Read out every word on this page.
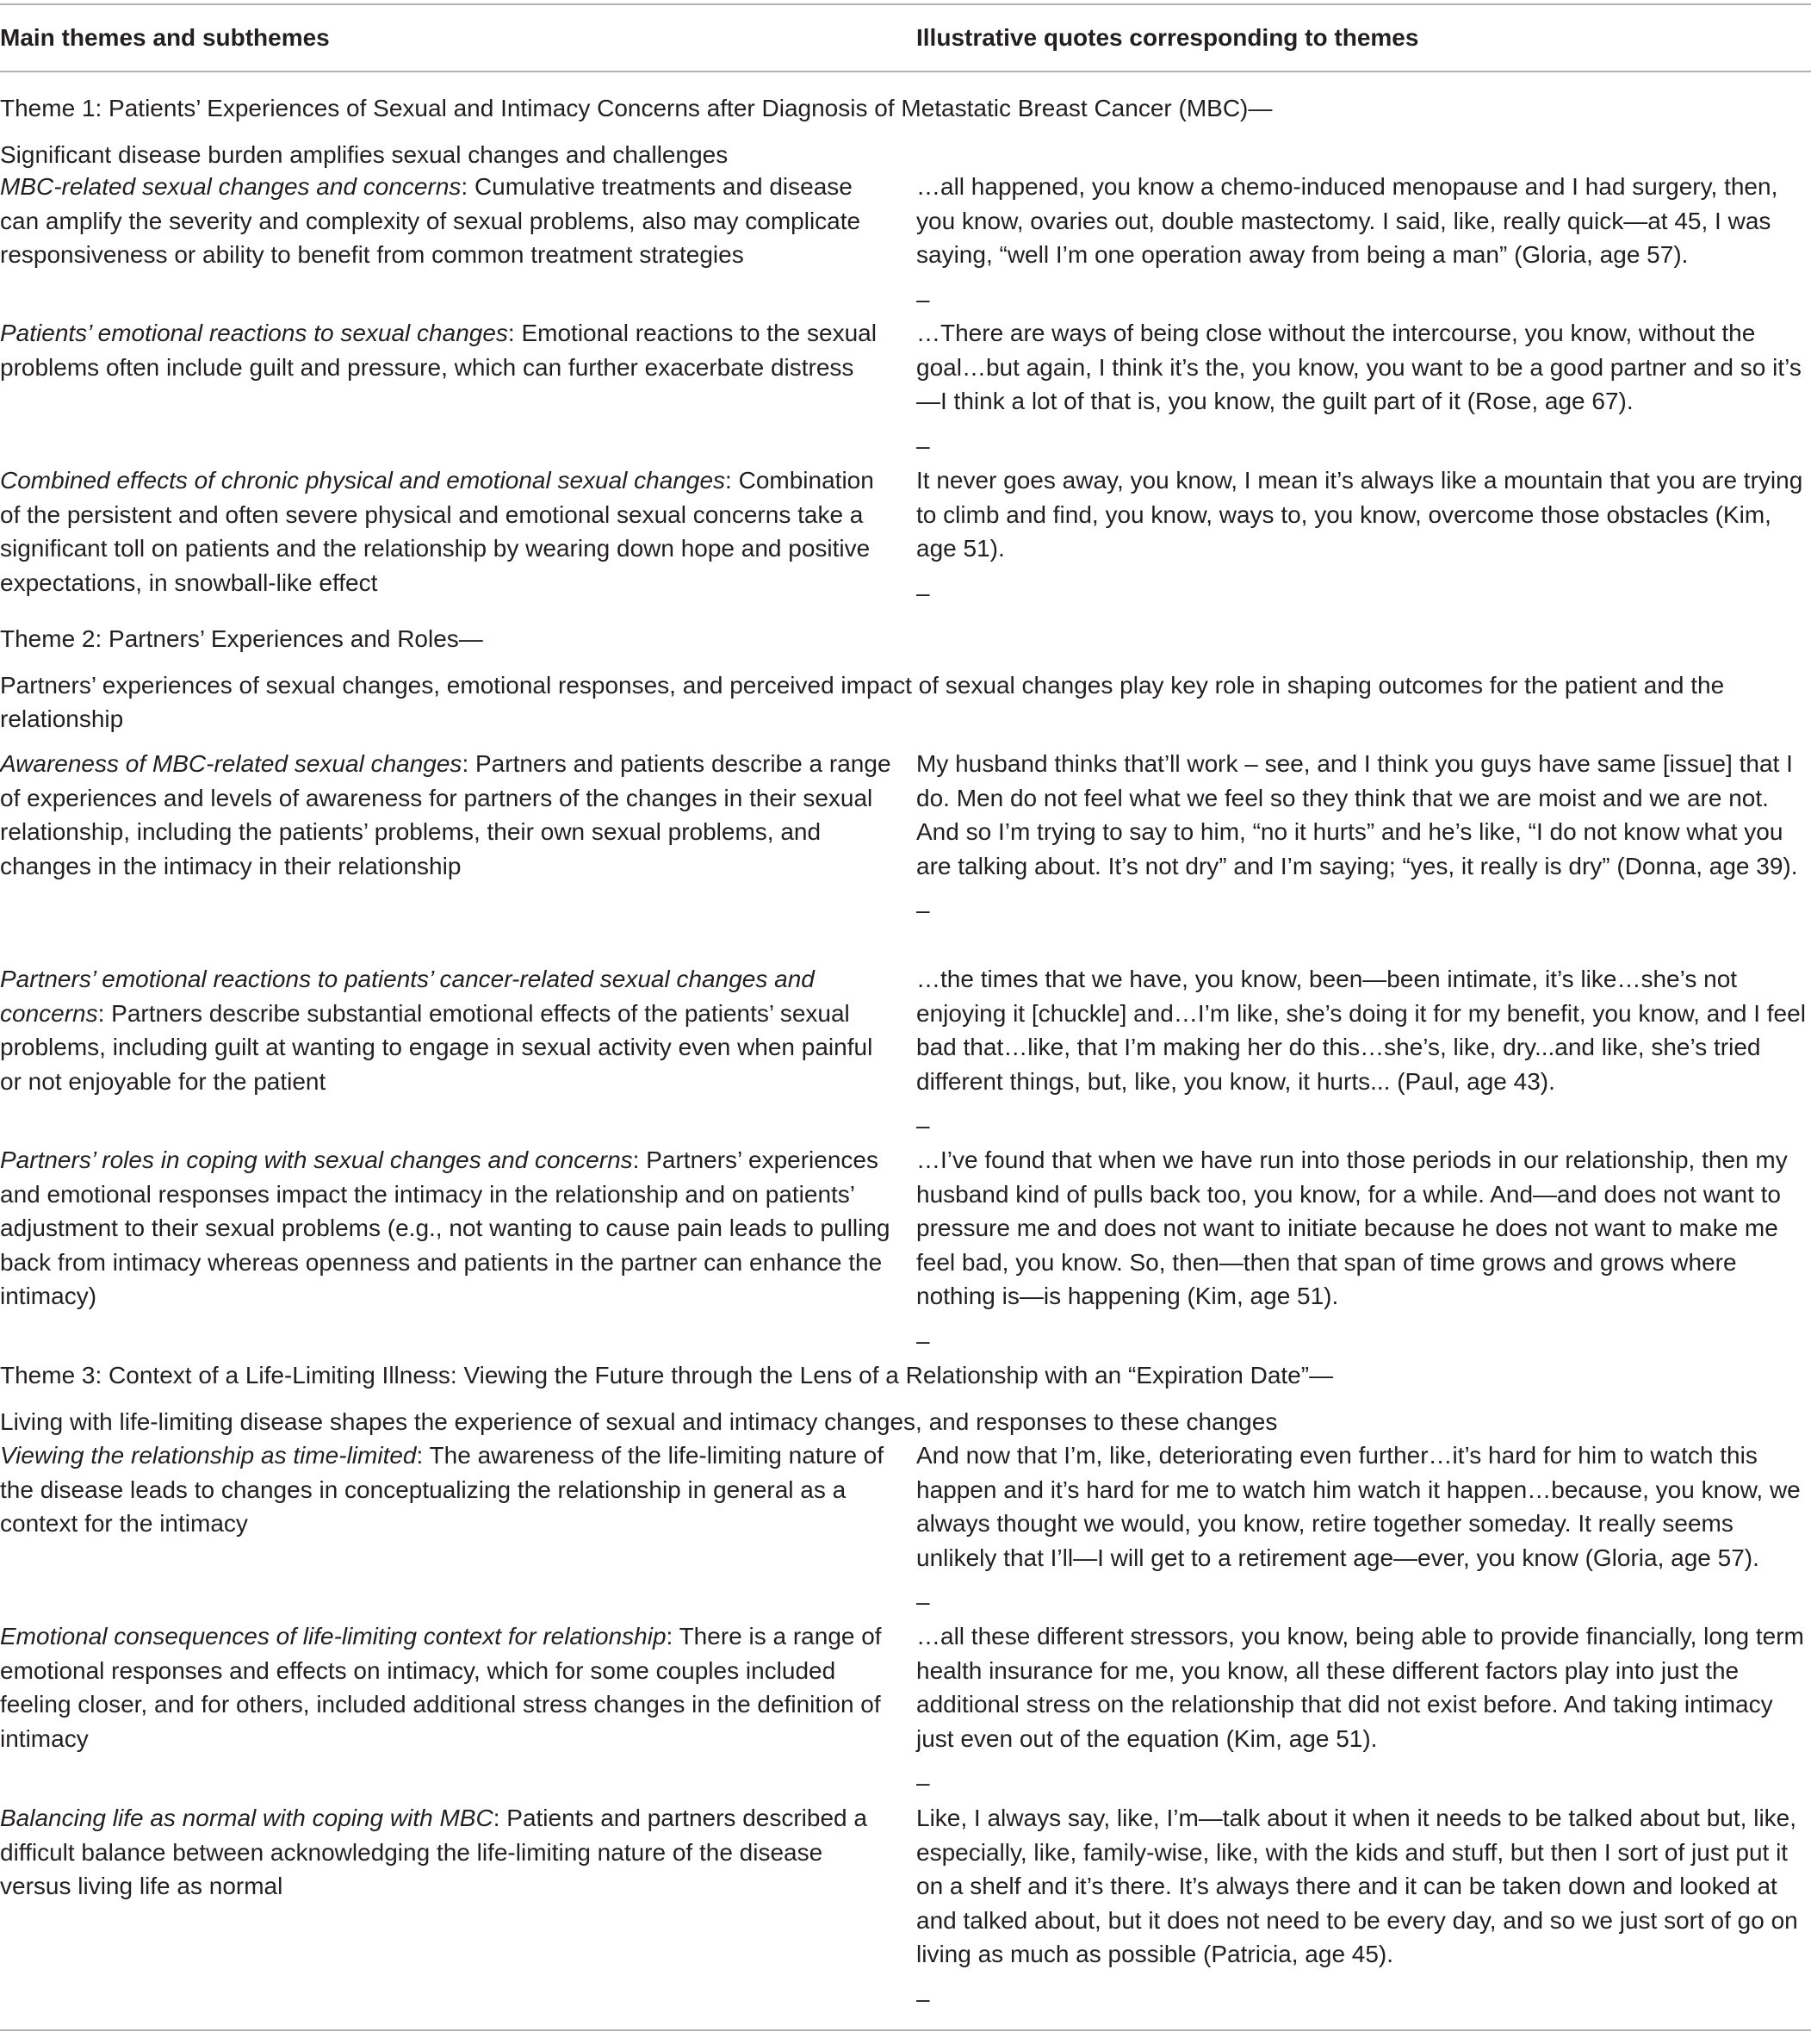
Main themes and subthemes	Illustrative quotes corresponding to themes

Theme 1: Patients’ Experiences of Sexual and Intimacy Concerns after Diagnosis of Metastatic Breast Cancer (MBC)—

Significant disease burden amplifies sexual changes and challenges

MBC-related sexual changes and concerns: Cumulative treatments and disease can amplify the severity and complexity of sexual problems, also may complicate responsiveness or ability to benefit from common treatment strategies

…all happened, you know a chemo-induced menopause and I had surgery, then, you know, ovaries out, double mastectomy. I said, like, really quick—at 45, I was saying, “well I’m one operation away from being a man” (Gloria, age 57).

–

Patients’ emotional reactions to sexual changes: Emotional reactions to the sexual problems often include guilt and pressure, which can further exacerbate distress

…There are ways of being close without the intercourse, you know, without the goal…but again, I think it’s the, you know, you want to be a good partner and so it’s—I think a lot of that is, you know, the guilt part of it (Rose, age 67).

–

Combined effects of chronic physical and emotional sexual changes: Combination of the persistent and often severe physical and emotional sexual concerns take a significant toll on patients and the relationship by wearing down hope and positive expectations, in snowball-like effect

It never goes away, you know, I mean it’s always like a mountain that you are trying to climb and find, you know, ways to, you know, overcome those obstacles (Kim, age 51).

–

Theme 2: Partners’ Experiences and Roles—

Partners’ experiences of sexual changes, emotional responses, and perceived impact of sexual changes play key role in shaping outcomes for the patient and the relationship

Awareness of MBC-related sexual changes: Partners and patients describe a range of experiences and levels of awareness for partners of the changes in their sexual relationship, including the patients’ problems, their own sexual problems, and changes in the intimacy in their relationship

My husband thinks that’ll work – see, and I think you guys have same [issue] that I do. Men do not feel what we feel so they think that we are moist and we are not. And so I’m trying to say to him, “no it hurts” and he’s like, “I do not know what you are talking about. It’s not dry” and I’m saying; “yes, it really is dry” (Donna, age 39).

–

Partners’ emotional reactions to patients’ cancer-related sexual changes and concerns: Partners describe substantial emotional effects of the patients’ sexual problems, including guilt at wanting to engage in sexual activity even when painful or not enjoyable for the patient

…the times that we have, you know, been—been intimate, it’s like…she’s not enjoying it [chuckle] and…I’m like, she’s doing it for my benefit, you know, and I feel bad that…like, that I’m making her do this…she’s, like, dry...and like, she’s tried different things, but, like, you know, it hurts... (Paul, age 43).

–

Partners’ roles in coping with sexual changes and concerns: Partners’ experiences and emotional responses impact the intimacy in the relationship and on patients’ adjustment to their sexual problems (e.g., not wanting to cause pain leads to pulling back from intimacy whereas openness and patients in the partner can enhance the intimacy)

…I’ve found that when we have run into those periods in our relationship, then my husband kind of pulls back too, you know, for a while. And—and does not want to pressure me and does not want to initiate because he does not want to make me feel bad, you know. So, then—then that span of time grows and grows where nothing is—is happening (Kim, age 51).

–

Theme 3: Context of a Life-Limiting Illness: Viewing the Future through the Lens of a Relationship with an “Expiration Date”—

Living with life-limiting disease shapes the experience of sexual and intimacy changes, and responses to these changes

Viewing the relationship as time-limited: The awareness of the life-limiting nature of the disease leads to changes in conceptualizing the relationship in general as a context for the intimacy

And now that I’m, like, deteriorating even further…it’s hard for him to watch this happen and it’s hard for me to watch him watch it happen…because, you know, we always thought we would, you know, retire together someday. It really seems unlikely that I’ll—I will get to a retirement age—ever, you know (Gloria, age 57).

–

Emotional consequences of life-limiting context for relationship: There is a range of emotional responses and effects on intimacy, which for some couples included feeling closer, and for others, included additional stress changes in the definition of intimacy

…all these different stressors, you know, being able to provide financially, long term health insurance for me, you know, all these different factors play into just the additional stress on the relationship that did not exist before. And taking intimacy just even out of the equation (Kim, age 51).

–

Balancing life as normal with coping with MBC: Patients and partners described a difficult balance between acknowledging the life-limiting nature of the disease versus living life as normal

Like, I always say, like, I’m—talk about it when it needs to be talked about but, like, especially, like, family-wise, like, with the kids and stuff, but then I sort of just put it on a shelf and it’s there. It’s always there and it can be taken down and looked at and talked about, but it does not need to be every day, and so we just sort of go on living as much as possible (Patricia, age 45).

–
